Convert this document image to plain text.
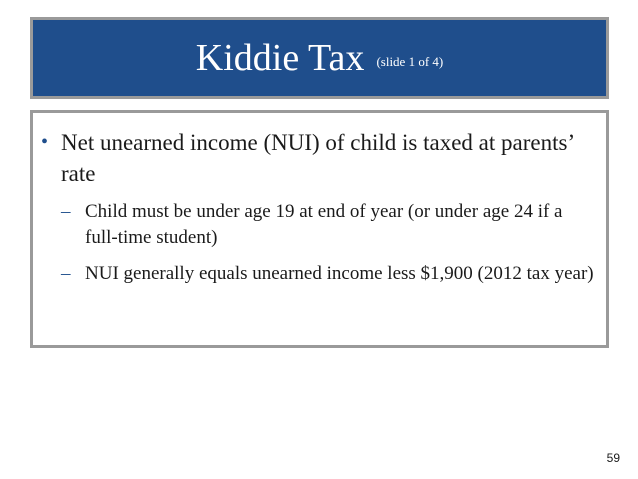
Kiddie Tax (slide 1 of 4)
• Net unearned income (NUI) of child is taxed at parents’ rate
– Child must be under age 19 at end of year (or under age 24 if a full-time student)
– NUI generally equals unearned income less $1,900 (2012 tax year)
59
